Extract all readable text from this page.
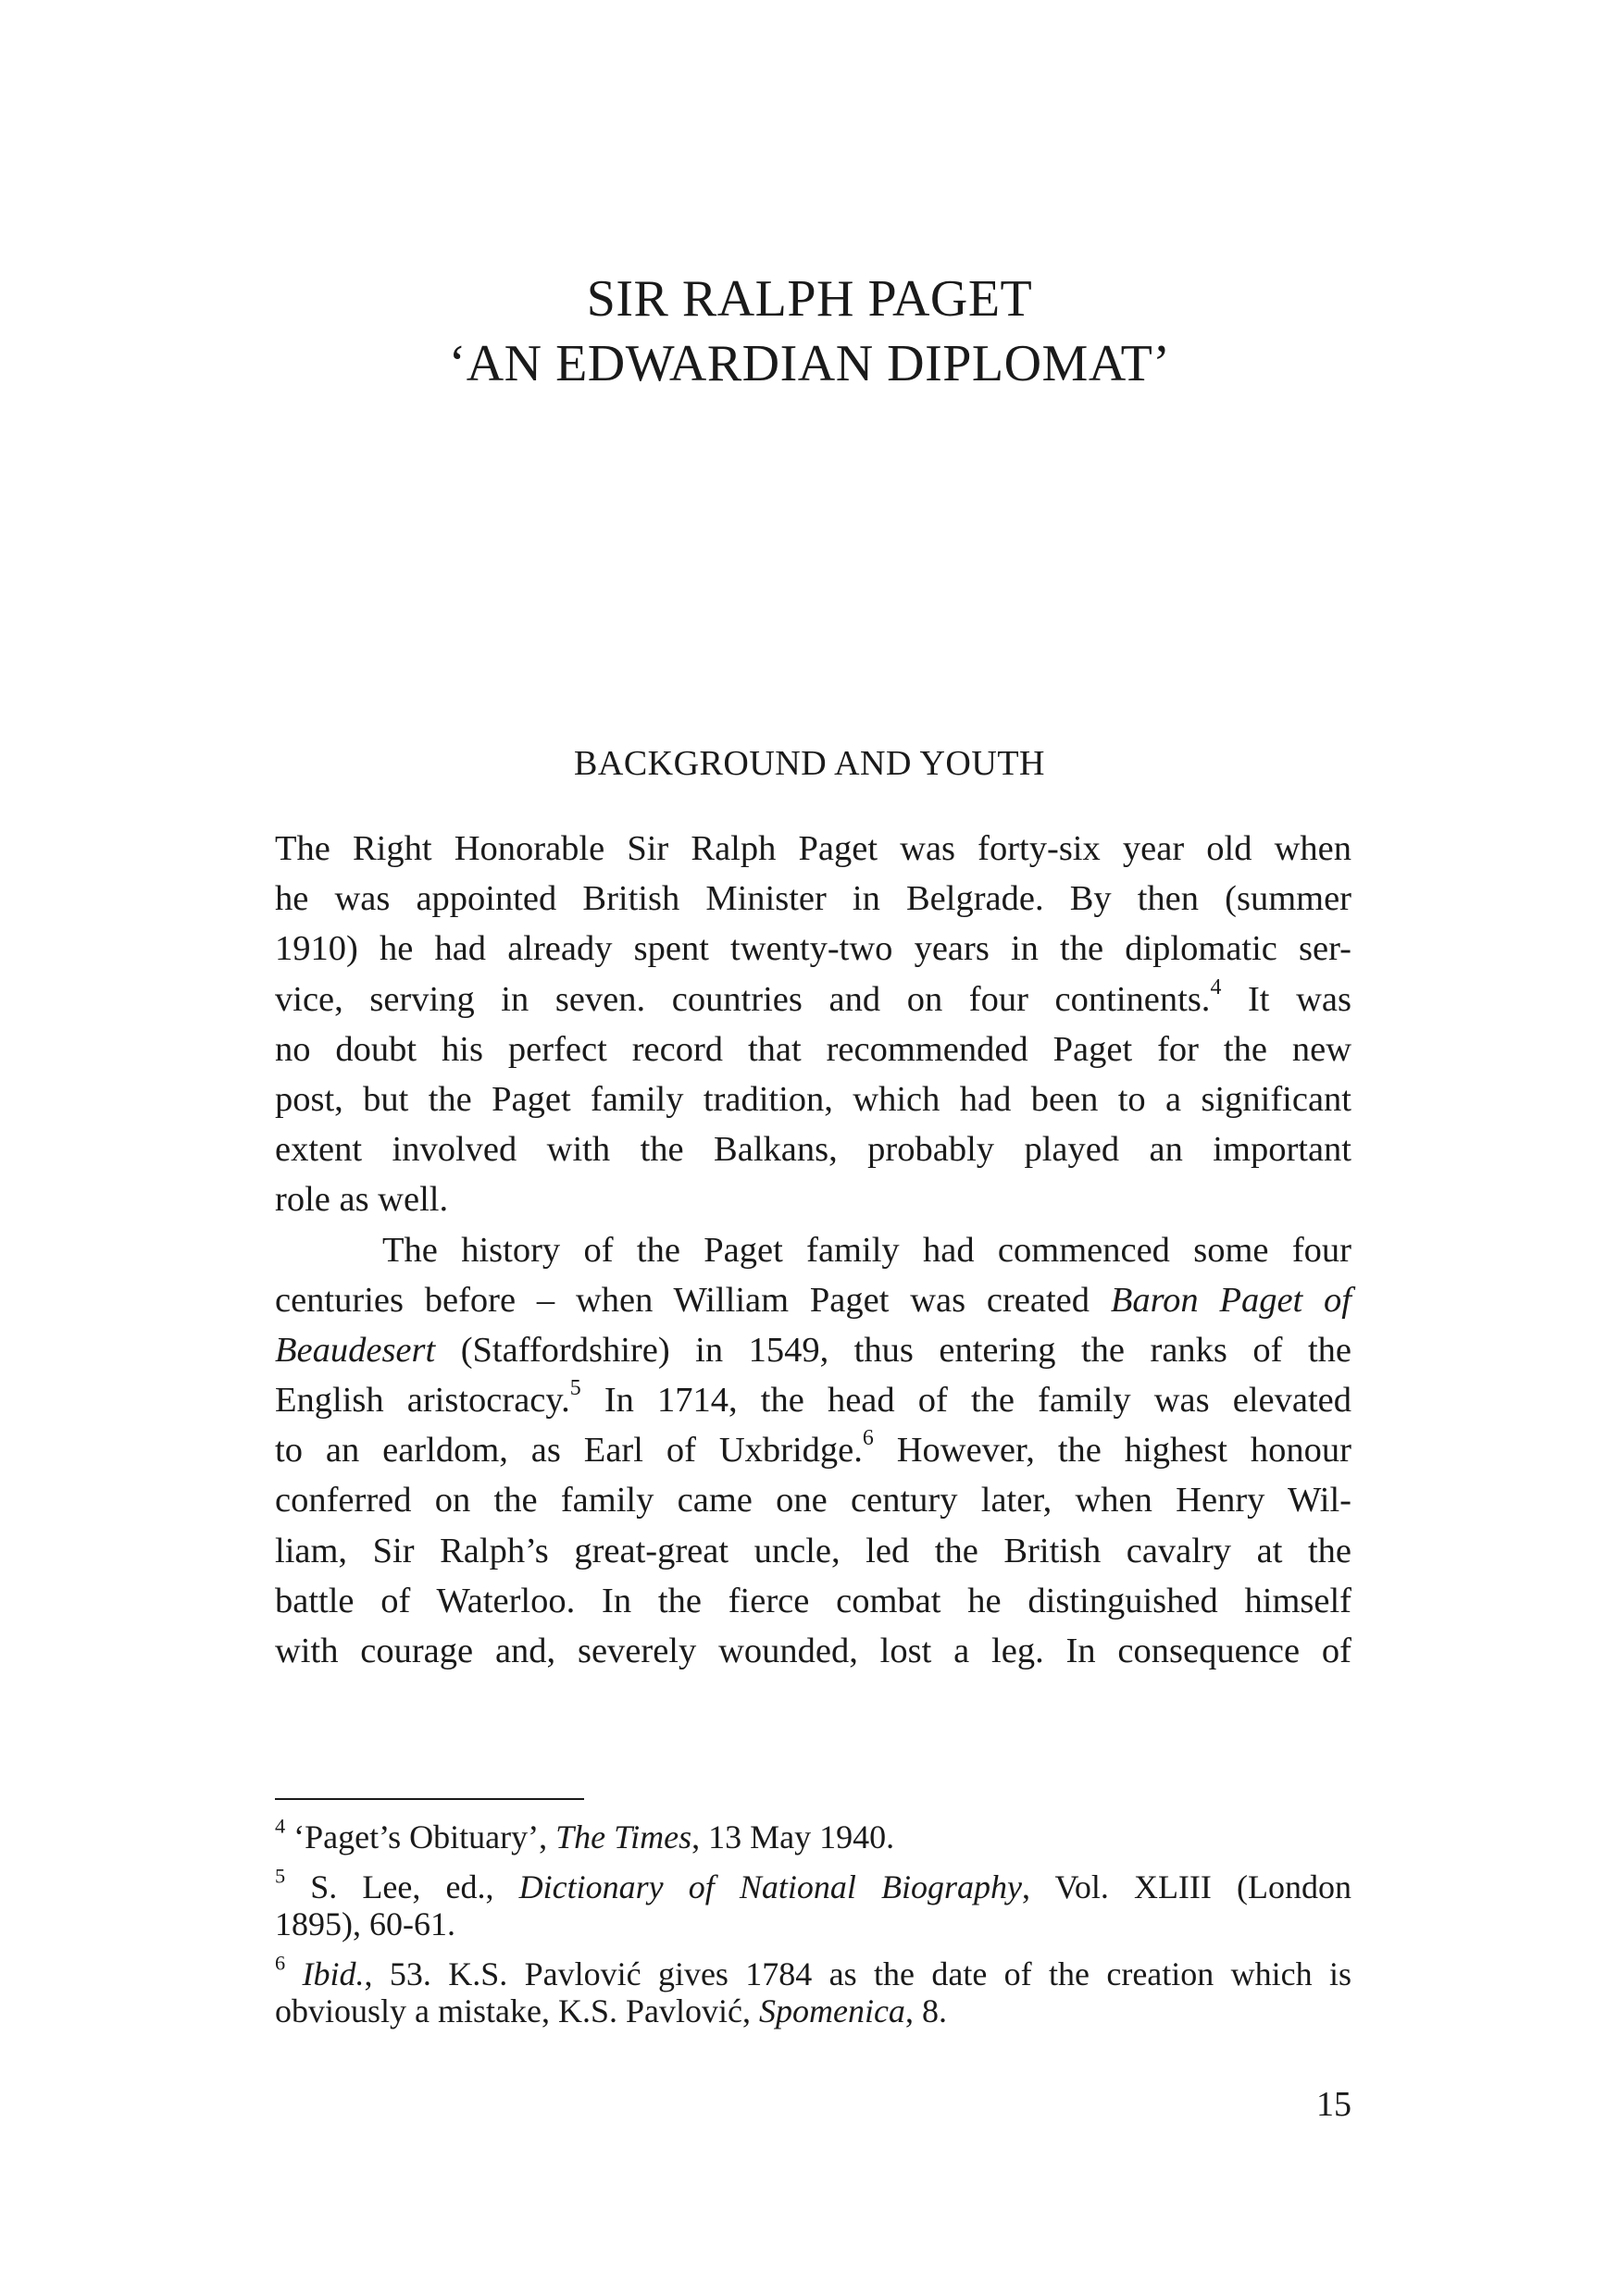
SIR RALPH PAGET
‘AN EDWARDIAN DIPLOMAT’
BACKGROUND AND YOUTH
The Right Honorable Sir Ralph Paget was forty-six year old when
he was appointed British Minister in Belgrade. By then (summer
1910) he had already spent twenty-two years in the diplomatic ser-
vice, serving in seven. countries and on four continents.$^4$ It was
no doubt his perfect record that recommended Paget for the new
post, but the Paget family tradition, which had been to a significant
extent involved with the Balkans, probably played an important
role as well.
The history of the Paget family had commenced some four
centuries before – when William Paget was created Baron Paget of
Beaudesert (Staffordshire) in 1549, thus entering the ranks of the
English aristocracy.$^5$ In 1714, the head of the family was elevated
to an earldom, as Earl of Uxbridge.$^6$ However, the highest honour
conferred on the family came one century later, when Henry Wil-
liam, Sir Ralph’s great-great uncle, led the British cavalry at the
battle of Waterloo. In the fierce combat he distinguished himself
with courage and, severely wounded, lost a leg. In consequence of
$^4$ ‘Paget’s Obituary’, The Times, 13 May 1940.
$^5$ S. Lee, ed., Dictionary of National Biography, Vol. XLIII (London
1895), 60-61.
$^6$ Ibid., 53. K.S. Pavlović gives 1784 as the date of the creation which is
obviously a mistake, K.S. Pavlović, Spomenica, 8.
15
